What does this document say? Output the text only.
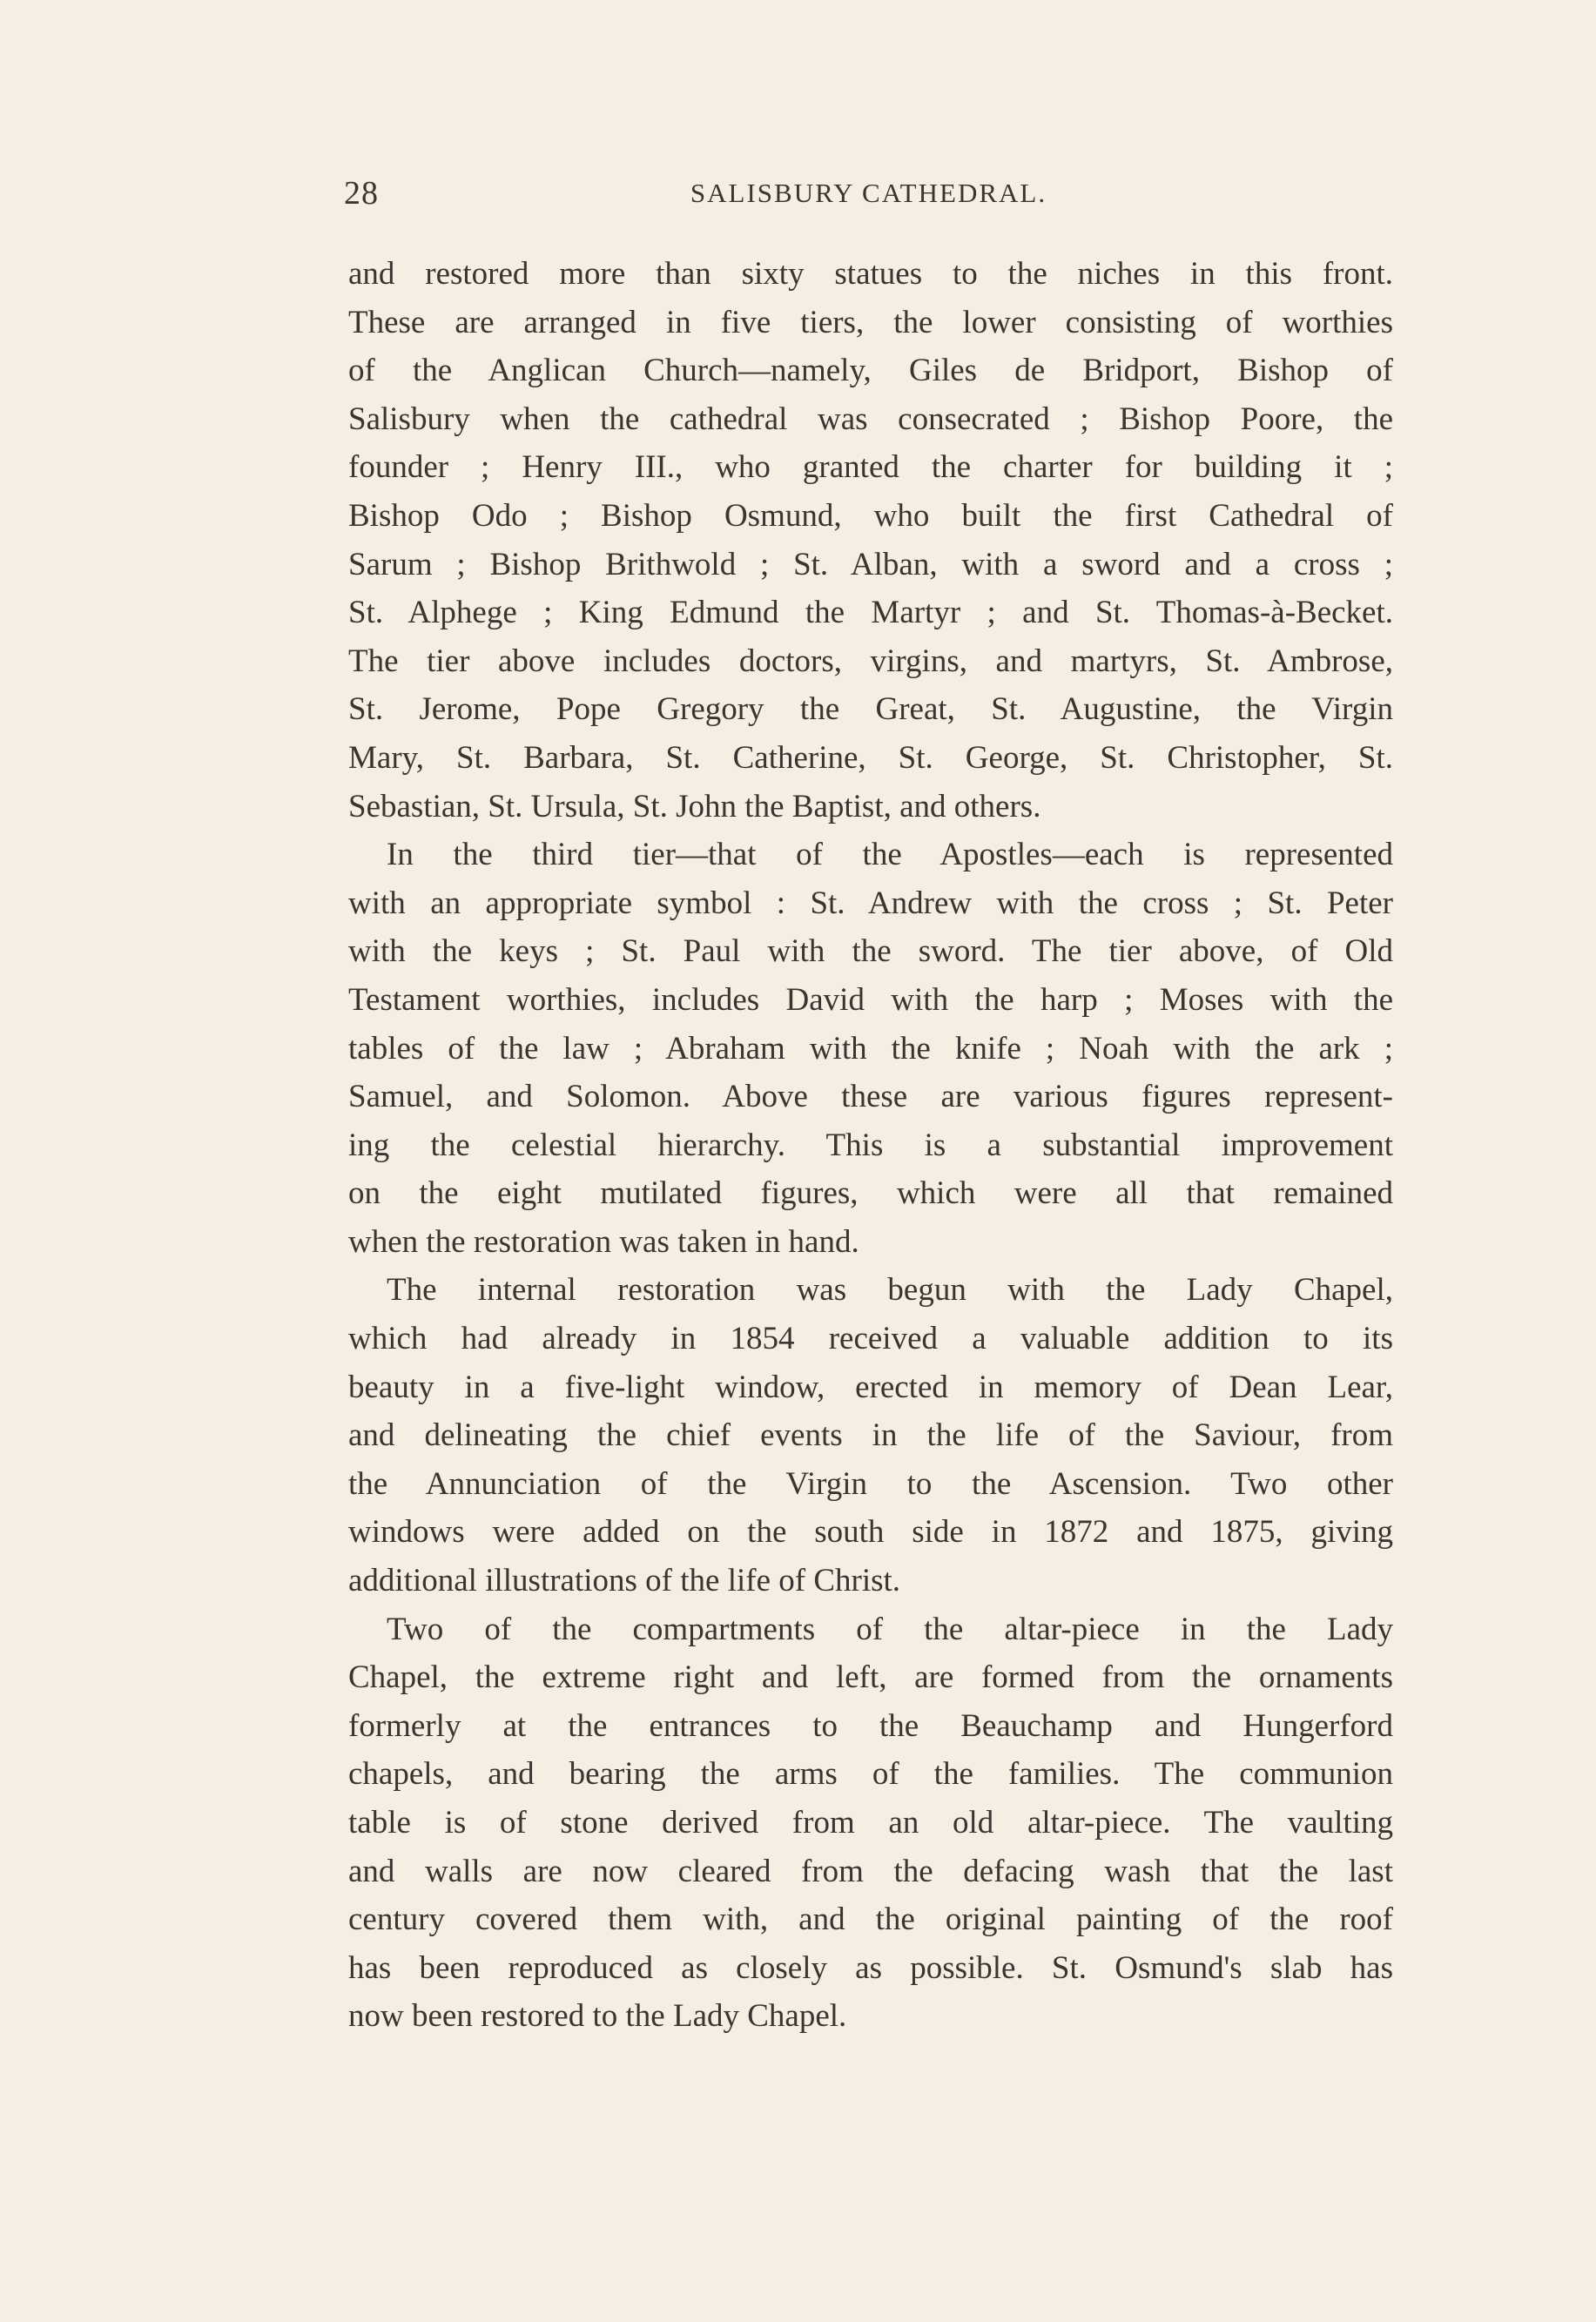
28	SALISBURY CATHEDRAL.
and restored more than sixty statues to the niches in this front.
These are arranged in five tiers, the lower consisting of worthies
of the Anglican Church—namely, Giles de Bridport, Bishop of
Salisbury when the cathedral was consecrated ; Bishop Poore, the
founder ; Henry III., who granted the charter for building it ;
Bishop Odo ; Bishop Osmund, who built the first Cathedral of
Sarum ; Bishop Brithwold ; St. Alban, with a sword and a cross ;
St. Alphege ; King Edmund the Martyr ; and St. Thomas-à-Becket.
The tier above includes doctors, virgins, and martyrs, St. Ambrose,
St. Jerome, Pope Gregory the Great, St. Augustine, the Virgin
Mary, St. Barbara, St. Catherine, St. George, St. Christopher, St.
Sebastian, St. Ursula, St. John the Baptist, and others.
In the third tier—that of the Apostles—each is represented
with an appropriate symbol : St. Andrew with the cross ; St. Peter
with the keys ; St. Paul with the sword. The tier above, of Old
Testament worthies, includes David with the harp ; Moses with the
tables of the law ; Abraham with the knife ; Noah with the ark ;
Samuel, and Solomon. Above these are various figures represent-
ing the celestial hierarchy. This is a substantial improvement
on the eight mutilated figures, which were all that remained
when the restoration was taken in hand.
The internal restoration was begun with the Lady Chapel,
which had already in 1854 received a valuable addition to its
beauty in a five-light window, erected in memory of Dean Lear,
and delineating the chief events in the life of the Saviour, from
the Annunciation of the Virgin to the Ascension. Two other
windows were added on the south side in 1872 and 1875, giving
additional illustrations of the life of Christ.
Two of the compartments of the altar-piece in the Lady
Chapel, the extreme right and left, are formed from the ornaments
formerly at the entrances to the Beauchamp and Hungerford
chapels, and bearing the arms of the families. The communion
table is of stone derived from an old altar-piece. The vaulting
and walls are now cleared from the defacing wash that the last
century covered them with, and the original painting of the roof
has been reproduced as closely as possible. St. Osmund's slab has
now been restored to the Lady Chapel.
